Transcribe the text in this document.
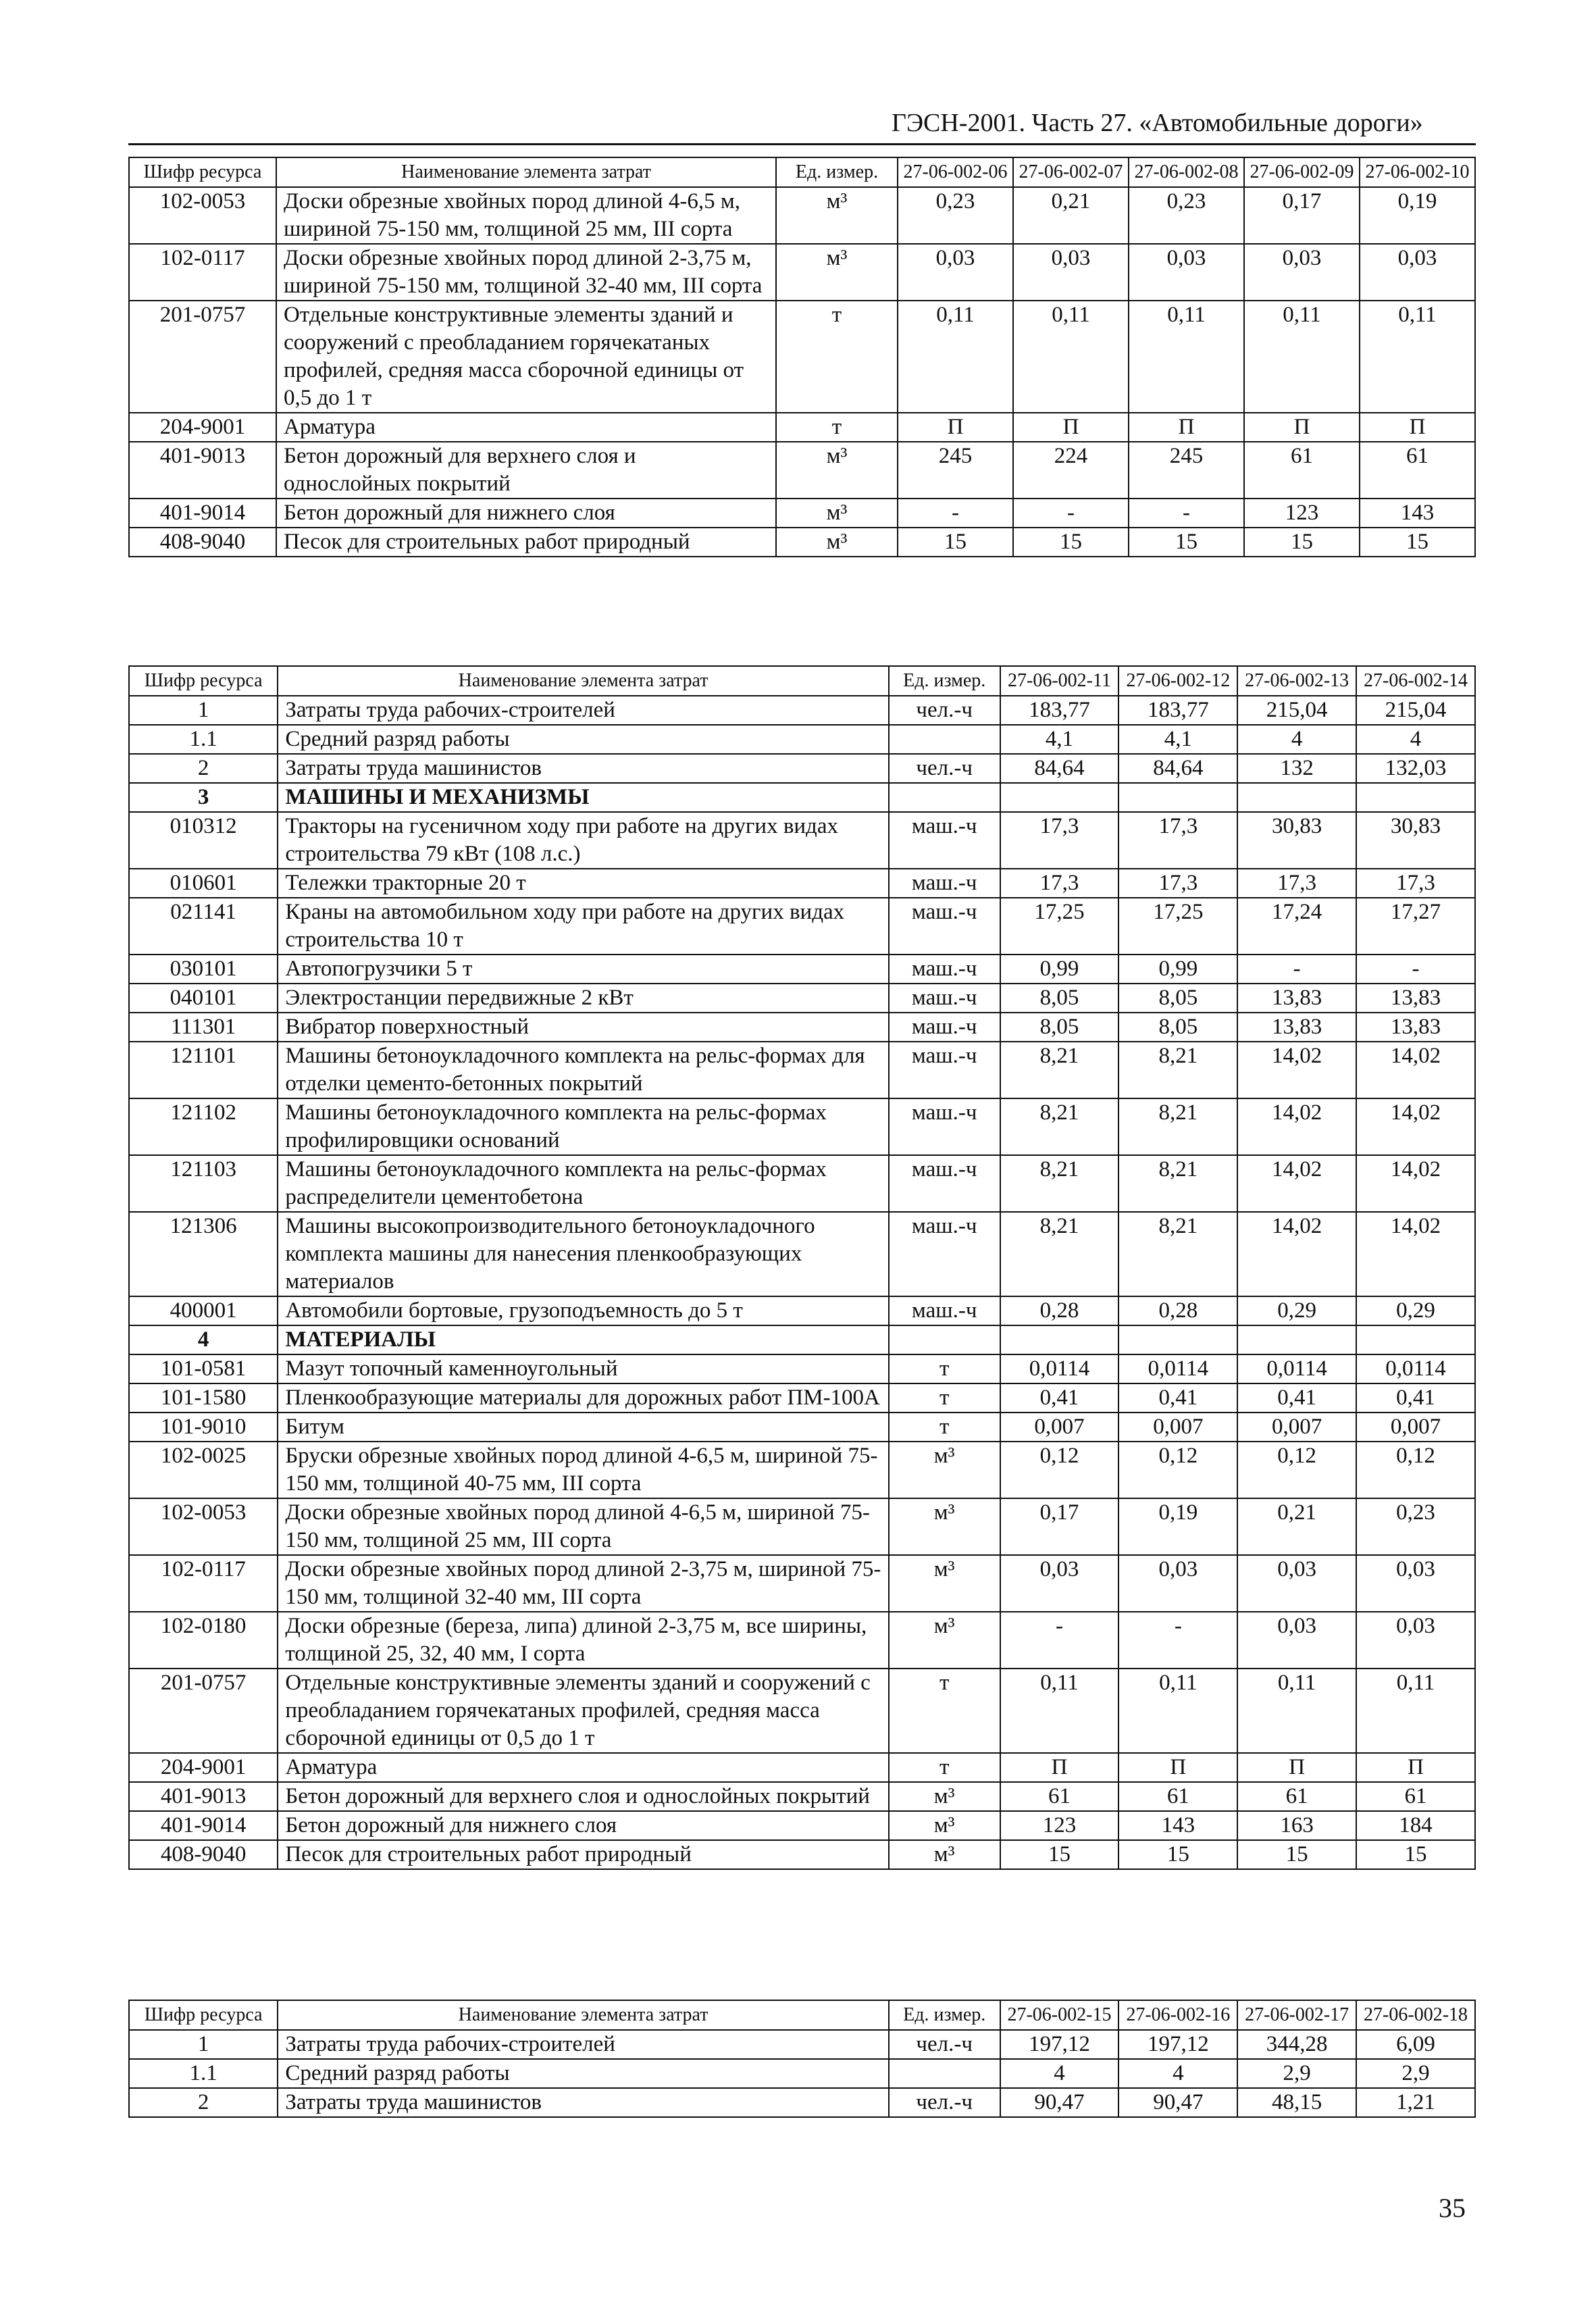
ГЭСН-2001. Часть 27. «Автомобильные дороги»
Шифр ресурса	Наименование элемента затрат	Ед. измер.	27-06-002-06	27-06-002-07	27-06-002-08	27-06-002-09	27-06-002-10
102-0053	Доски обрезные хвойных пород длиной 4-6,5 м, шириной 75-150 мм, толщиной 25 мм, III сорта	м³	0,23	0,21	0,23	0,17	0,19
102-0117	Доски обрезные хвойных пород длиной 2-3,75 м, шириной 75-150 мм, толщиной 32-40 мм, III сорта	м³	0,03	0,03	0,03	0,03	0,03
201-0757	Отдельные конструктивные элементы зданий и сооружений с преобладанием горячекатаных профилей, средняя масса сборочной единицы от 0,5 до 1 т	т	0,11	0,11	0,11	0,11	0,11
204-9001	Арматура	т	П	П	П	П	П
401-9013	Бетон дорожный для верхнего слоя и однослойных покрытий	м³	245	224	245	61	61
401-9014	Бетон дорожный для нижнего слоя	м³	-	-	-	123	143
408-9040	Песок для строительных работ природный	м³	15	15	15	15	15
Шифр ресурса	Наименование элемента затрат	Ед. измер.	27-06-002-11	27-06-002-12	27-06-002-13	27-06-002-14
1	Затраты труда рабочих-строителей	чел.-ч	183,77	183,77	215,04	215,04
1.1	Средний разряд работы		4,1	4,1	4	4
2	Затраты труда машинистов	чел.-ч	84,64	84,64	132	132,03
3	МАШИНЫ И МЕХАНИЗМЫ					
010312	Тракторы на гусеничном ходу при работе на других видах строительства 79 кВт (108 л.с.)	маш.-ч	17,3	17,3	30,83	30,83
010601	Тележки тракторные 20 т	маш.-ч	17,3	17,3	17,3	17,3
021141	Краны на автомобильном ходу при работе на других видах строительства 10 т	маш.-ч	17,25	17,25	17,24	17,27
030101	Автопогрузчики 5 т	маш.-ч	0,99	0,99	-	-
040101	Электростанции передвижные 2 кВт	маш.-ч	8,05	8,05	13,83	13,83
111301	Вибратор поверхностный	маш.-ч	8,05	8,05	13,83	13,83
121101	Машины бетоноукладочного комплекта на рельс-формах для отделки цементо-бетонных покрытий	маш.-ч	8,21	8,21	14,02	14,02
121102	Машины бетоноукладочного комплекта на рельс-формах профилировщики оснований	маш.-ч	8,21	8,21	14,02	14,02
121103	Машины бетоноукладочного комплекта на рельс-формах распределители цементобетона	маш.-ч	8,21	8,21	14,02	14,02
121306	Машины высокопроизводительного бетоноукладочного комплекта машины для нанесения пленкообразующих материалов	маш.-ч	8,21	8,21	14,02	14,02
400001	Автомобили бортовые, грузоподъемность до 5 т	маш.-ч	0,28	0,28	0,29	0,29
4	МАТЕРИАЛЫ					
101-0581	Мазут топочный каменноугольный	т	0,0114	0,0114	0,0114	0,0114
101-1580	Пленкообразующие материалы для дорожных работ ПМ-100А	т	0,41	0,41	0,41	0,41
101-9010	Битум	т	0,007	0,007	0,007	0,007
102-0025	Бруски обрезные хвойных пород длиной 4-6,5 м, шириной 75-150 мм, толщиной 40-75 мм, III сорта	м³	0,12	0,12	0,12	0,12
102-0053	Доски обрезные хвойных пород длиной 4-6,5 м, шириной 75-150 мм, толщиной 25 мм, III сорта	м³	0,17	0,19	0,21	0,23
102-0117	Доски обрезные хвойных пород длиной 2-3,75 м, шириной 75-150 мм, толщиной 32-40 мм, III сорта	м³	0,03	0,03	0,03	0,03
102-0180	Доски обрезные (береза, липа) длиной 2-3,75 м, все ширины, толщиной 25, 32, 40 мм, I сорта	м³	-	-	0,03	0,03
201-0757	Отдельные конструктивные элементы зданий и сооружений с преобладанием горячекатаных профилей, средняя масса сборочной единицы от 0,5 до 1 т	т	0,11	0,11	0,11	0,11
204-9001	Арматура	т	П	П	П	П
401-9013	Бетон дорожный для верхнего слоя и однослойных покрытий	м³	61	61	61	61
401-9014	Бетон дорожный для нижнего слоя	м³	123	143	163	184
408-9040	Песок для строительных работ природный	м³	15	15	15	15
Шифр ресурса	Наименование элемента затрат	Ед. измер.	27-06-002-15	27-06-002-16	27-06-002-17	27-06-002-18
1	Затраты труда рабочих-строителей	чел.-ч	197,12	197,12	344,28	6,09
1.1	Средний разряд работы		4	4	2,9	2,9
2	Затраты труда машинистов	чел.-ч	90,47	90,47	48,15	1,21
35
